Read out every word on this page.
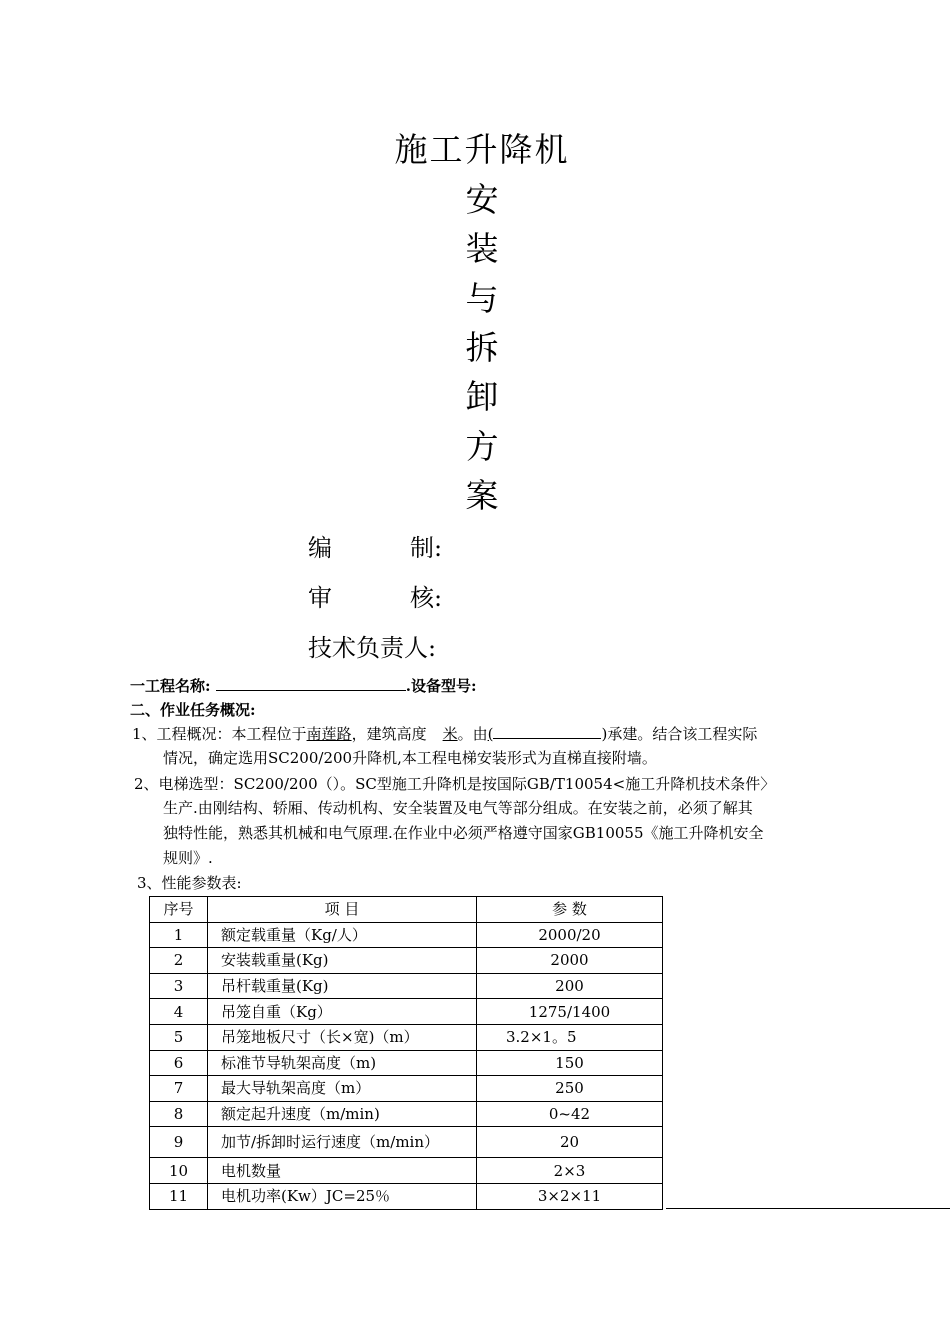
施工升降机
安
装
与
拆
卸
方
案
编	制:
审	核:
技术负责人:
一工程名称:	.设备型号:
二、作业任务概况:
1、工程概况：本工程位于南莲路，建筑高度 米。由(	)承建。结合该工程实际
情况，确定选用SC200/200升降机,本工程电梯安装形式为直梯直接附墙。
2、电梯选型：SC200/200（）。SC型施工升降机是按国际GB/T10054<施工升降机技术条件〉
生产.由刚结构、轿厢、传动机构、安全装置及电气等部分组成。在安装之前，必须了解其
独特性能，熟悉其机械和电气原理.在作业中必须严格遵守国家GB10055《施工升降机安全
规则》.
3、性能参数表:
序号	项 目	参 数
1	额定载重量（Kg/人）	2000/20
2	安装载重量(Kg)	2000
3	吊杆载重量(Kg)	200
4	吊笼自重（Kg）	1275/1400
5	吊笼地板尺寸（长×宽)（m）	3.2×1。5
6	标准节导轨架高度（m)	150
7	最大导轨架高度（m）	250
8	额定起升速度（m/min)	0~42
9	加节/拆卸时运行速度（m/min）	20
10	电机数量	2×3
11	电机功率(Kw）JC=25％	3×2×11
